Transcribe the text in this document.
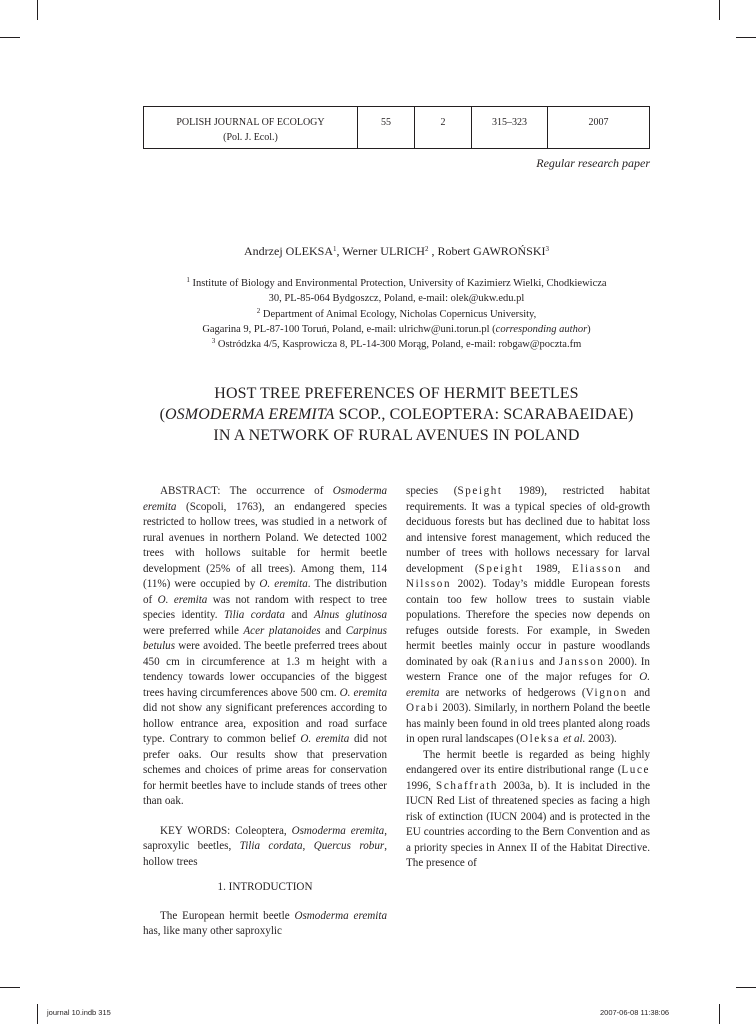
POLISH JOURNAL OF ECOLOGY
(Pol. J. Ecol.)
55	2	315–323	2007
Regular research paper
Andrzej OLEKSA$^1$, Werner ULRICH$^2$ , Robert GAWROŃSKI$^3$
$^1$ Institute of Biology and Environmental Protection, University of Kazimierz Wielki, Chodkiewicza
30, PL-85-064 Bydgoszcz, Poland, e-mail: olek@ukw.edu.pl
$^2$ Department of Animal Ecology, Nicholas Copernicus University,
Gagarina 9, PL-87-100 Toruń, Poland, e-mail: ulrichw@uni.torun.pl (corresponding author)
$^3$ Ostródzka 4/5, Kasprowicza 8, PL-14-300 Morąg, Poland, e-mail: robgaw@poczta.fm
HOST TREE PREFERENCES OF HERMIT BEETLES
(OSMODERMA EREMITA SCOP., COLEOPTERA: SCARABAEIDAE)
IN A NETWORK OF RURAL AVENUES IN POLAND

ABSTRACT: The occurrence of Osmoderma eremita (Scopoli, 1763), an endangered species restricted to hollow trees, was studied in a network of rural avenues in northern Poland. We detected 1002 trees with hollows suitable for hermit beetle development (25% of all trees). Among them, 114 (11%) were occupied by O. eremita. The distribution of O. eremita was not random with respect to tree species identity. Tilia cordata and Alnus glutinosa were preferred while Acer platanoides and Carpinus betulus were avoided. The beetle preferred trees about 450 cm in circumference at 1.3 m height with a tendency towards lower occupancies of the biggest trees having circumferences above 500 cm. O. eremita did not show any significant preferences according to hollow entrance area, exposition and road surface type. Contrary to common belief O. eremita did not prefer oaks. Our results show that preservation schemes and choices of prime areas for conservation for hermit beetles have to include stands of trees other than oak.

KEY WORDS: Coleoptera, Osmoderma eremita, saproxylic beetles, Tilia cordata, Quercus robur, hollow trees

1. INTRODUCTION

The European hermit beetle Osmoderma eremita has, like many other saproxylic

species (Speight 1989), restricted habitat requirements. It was a typical species of old-growth deciduous forests but has declined due to habitat loss and intensive forest management, which reduced the number of trees with hollows necessary for larval development (Speight 1989, Eliasson and Nilsson 2002). Today’s middle European forests contain too few hollow trees to sustain viable populations. Therefore the species now depends on refuges outside forests. For example, in Sweden hermit beetles mainly occur in pasture woodlands dominated by oak (Ranius and Jansson 2000). In western France one of the major refuges for O. eremita are networks of hedgerows (Vignon and Orabi 2003). Similarly, in northern Poland the beetle has mainly been found in old trees planted along roads in open rural landscapes (Oleksa et al. 2003).

The hermit beetle is regarded as being highly endangered over its entire distributional range (Luce 1996, Schaffrath 2003a, b). It is included in the IUCN Red List of threatened species as facing a high risk of extinction (IUCN 2004) and is protected in the EU countries according to the Bern Convention and as a priority species in Annex II of the Habitat Directive. The presence of

journal 10.indb 315	2007-06-08 11:38:06
